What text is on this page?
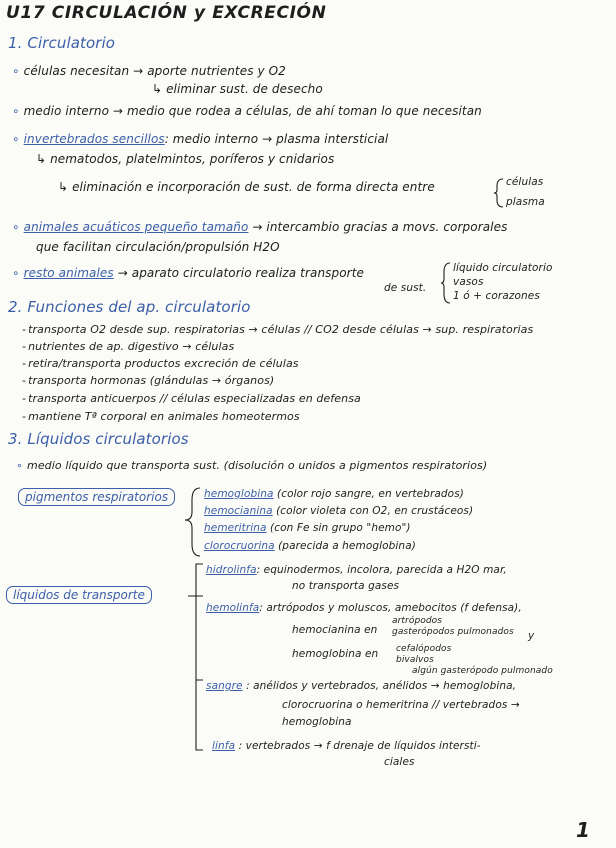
U17 CIRCULACIÓN y EXCRECIÓN
1. Circulatorio
∘ células necesitan → aporte nutrientes y O2
↳ eliminar sust. de desecho
∘ medio interno → medio que rodea a células, de ahí toman lo que necesitan
∘ invertebrados sencillos: medio interno → plasma intersticial
↳ nematodos, platelmintos, poríferos y cnidarios
↳ eliminación e incorporación de sust. de forma directa entre	células
plasma
∘ animales acuáticos pequeño tamaño → intercambio gracias a movs. corporales
que facilitan circulación/propulsión H2O
∘ resto animales → aparato circulatorio realiza transporte
de sust.
líquido circulatorio
vasos
1 ó + corazones
2. Funciones del ap. circulatorio
- transporta O2 desde sup. respiratorias → células // CO2 desde células → sup. respiratorias
- nutrientes de ap. digestivo → células
- retira/transporta productos excreción de células
- transporta hormonas (glándulas → órganos)
- transporta anticuerpos // células especializadas en defensa
- mantiene Tª corporal en animales homeotermos
3. Líquidos circulatorios
∘ medio líquido que transporta sust. (disolución o unidos a pigmentos respiratorios)
pigmentos respiratorios	hemoglobina (color rojo sangre, en vertebrados)
hemocianina (color violeta con O2, en crustáceos)
hemeritrina (con Fe sin grupo "hemo")
clorocruorina (parecida a hemoglobina)
líquidos de transporte
hidrolinfa: equinodermos, incolora, parecida a H2O mar,
no transporta gases
hemolinfa: artrópodos y moluscos, amebocitos (f defensa),
hemocianina en
artrópodos
gasterópodos pulmonados y
hemoglobina en cefalópodos
bivalvos
algún gasterópodo pulmonado
sangre : anélidos y vertebrados, anélidos → hemoglobina,
clorocruorina o hemeritrina // vertebrados →
hemoglobina
linfa : vertebrados → f drenaje de líquidos intersti-
ciales
1
